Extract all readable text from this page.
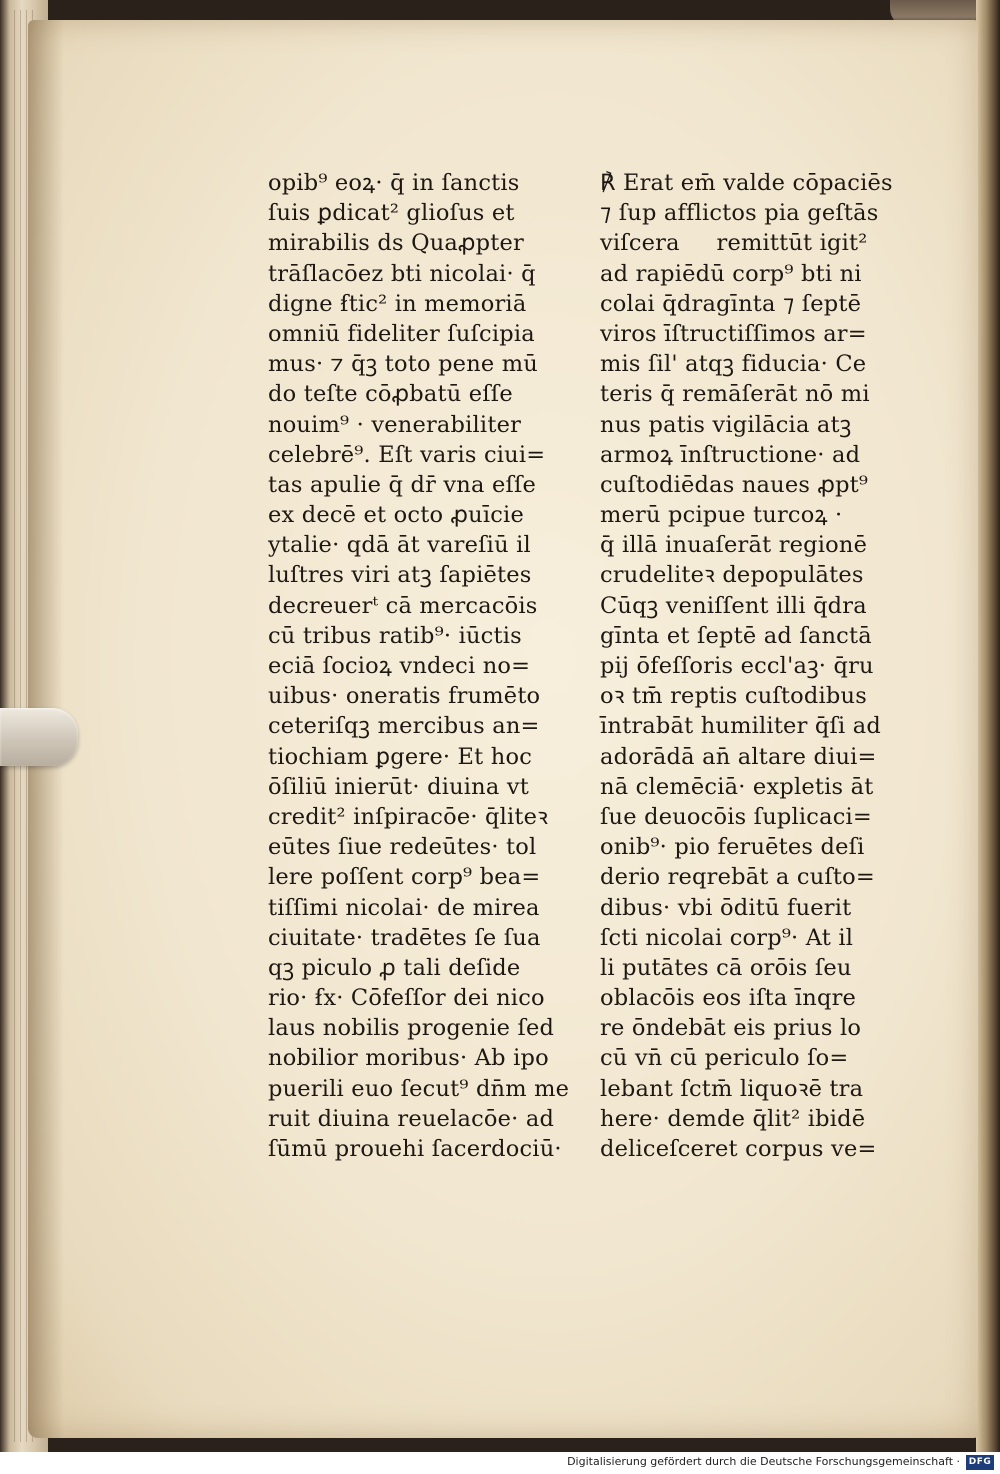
opib⁹ eoꝝ· q̄ in ſanctis
ſuis ꝑdicat² glioſus et
mirabilis ds Quaꝓpter
trāſlacōez bti nicolai· q̄
digne ẜtic² in memoriā
omniū fideliter ſuſcipia
mus· ⁊ q̄ꝫ toto pene mū
do teſte cōꝓbatū eſſe
nouim⁹ · venerabiliter
celebrē⁹. Eſt varis ciui=
tas apulie q̄ dr̄ vna eſſe
ex decē et octo ꝓuīcie
ytalie· qdā āt vareſiū il
luſtres viri atꝫ ſapiētes
decreuerᵗ cā mercacōis
cū tribus ratib⁹· iūctis
eciā ſocioꝝ vndeci no=
uibus· oneratis frumēto
ceteriſqꝫ mercibus an=
tiochiam ꝑgere· Et hoc
ōſiliū inierūt· diuina vt
credit² inſpiracōe· q̄liteꝛ
eūtes ſiue redeūtes· tol
lere poſſent corp⁹ bea=
tiſſimi nicolai· de mirea
ciuitate· tradētes ſe ſua
qꝫ piculo ꝓ tali deſide
rio· ẜx· Cōfeſſor dei nico
laus nobilis progenie ſed
nobilior moribus· Ab ipo
puerili euo ſecut⁹ dn̄m me
ruit diuina reuelacōe· ad
ſūmū prouehi ſacerdociū·
℟ Erat em̄ valde cōpaciēs
⁊ ſup afflictos pia geſtās
viſcera     remittūt igit²
ad rapiēdū corp⁹ bti ni
colai q̄dragīnta ⁊ ſeptē
viros īſtructiſſimos ar=
mis ſil' atqꝫ fiducia· Ce
teris q̄ remāſerāt nō mi
nus patis vigilācia atꝫ
armoꝝ īnſtructione· ad
cuſtodiēdas naues ꝓpt⁹
merū pcipue turcoꝝ ·
q̄ illā inuaſerāt regionē
crudeliteꝛ depopulātes
Cūqꝫ veniſſent illi q̄dra
gīnta et ſeptē ad ſanctā
pij ōfeſſoris eccl'aꝫ· q̄ru
oꝛ tm̄ reptis cuſtodibus
īntrabāt humiliter q̄ſi ad
adorādā an̄ altare diui=
nā clemēciā· expletis āt
ſue deuocōis ſuplicaci=
onib⁹· pio feruētes deſi
derio reqrebāt a cuſto=
dibus· vbi ōditū fuerit
ſcti nicolai corp⁹· At il
li putātes cā orōis ſeu
oblacōis eos iſta īnqre
re ōndebāt eis prius lo
cū vn̄ cū periculo ſo=
lebant ſctm̄ liquoꝛē tra
here· demde q̄lit² ibidē
deliceſceret corpus ve=
Digitalisierung gefördert durch die Deutsche Forschungsgemeinschaft · DFG
